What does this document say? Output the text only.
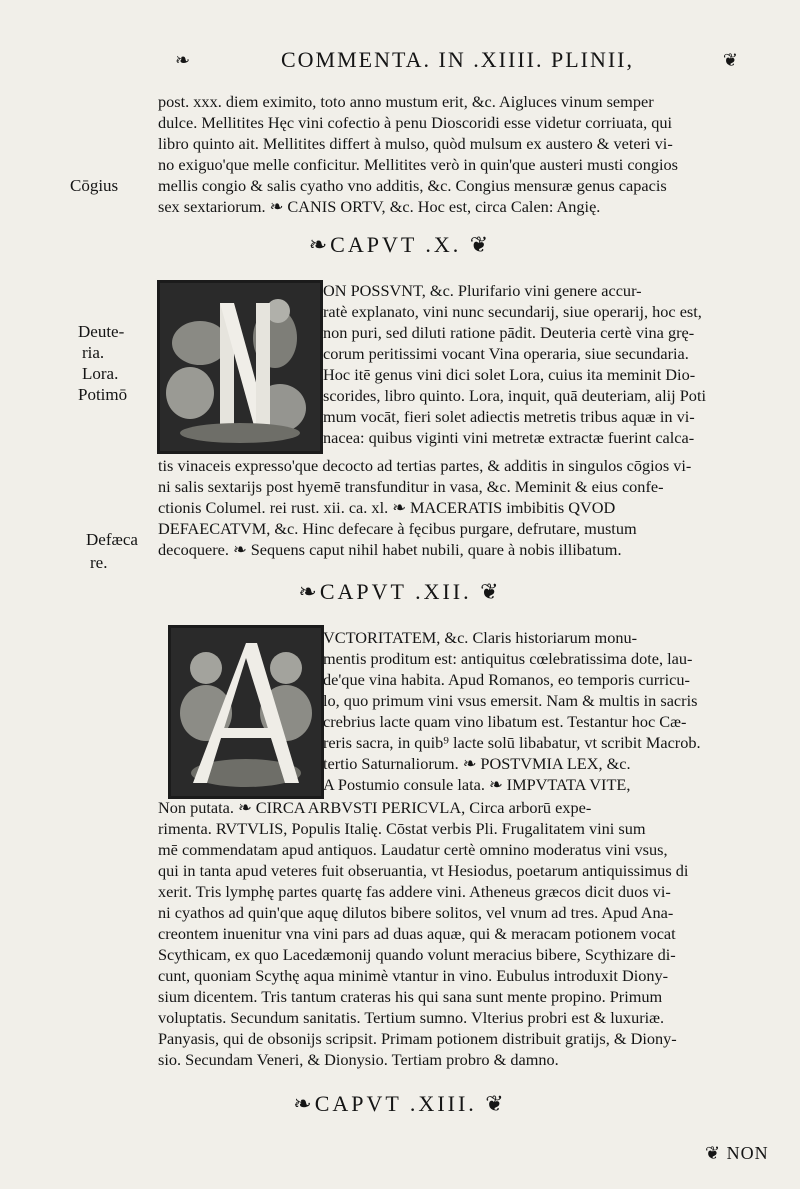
❧	COMMENTA. IN .XIIII. PLINII,	❦
post. xxx. diem eximito, toto anno mustum erit, &c. Aigluces vinum semper
dulce. Mellitites Hęc vini cofectio à penu Dioscoridi esse videtur corriuata, qui
libro quinto ait. Mellitites differt à mulso, quòd mulsum ex austero & veteri vi-
no exiguo'que melle conficitur. Mellitites verò in quin'que austeri musti congios
mellis congio & salis cyatho vno additis, &c. Congius mensuræ genus capacis
sex sextariorum. ❧ CANIS ORTV, &c. Hoc est, circa Calen: Angię.
Cōgius
❧CAPVT .X. ❦
ON POSSVNT, &c. Plurifario vini genere accur-
ratè explanato, vini nunc secundarij, siue operarij, hoc est,
non puri, sed diluti ratione pādit. Deuteria certè vina grę-
corum peritissimi vocant Vina operaria, siue secundaria.
Hoc itē genus vini dici solet Lora, cuius ita meminit Dio-
scorides, libro quinto. Lora, inquit, quā deuteriam, alij Poti
mum vocāt, fieri solet adiectis metretis tribus aquæ in vi-
nacea: quibus viginti vini metretæ extractæ fuerint calca-
tis vinaceis expresso'que decocto ad tertias partes, & additis in singulos cōgios vi-
ni salis sextarijs post hyemē transfunditur in vasa, &c. Meminit & eius confe-
ctionis Columel. rei rust. xii. ca. xl. ❧ MACERATIS imbibitis QVOD
DEFAECATVM, &c. Hinc defecare à fęcibus purgare, defrutare, mustum
decoquere. ❧ Sequens caput nihil habet nubili, quare à nobis illibatum.
Deute-
ria.
Lora.
Potimō
Defæca
re.
❧CAPVT .XII. ❦
VCTORITATEM, &c. Claris historiarum monu-
mentis proditum est: antiquitus cœlebratissima dote, lau-
de'que vina habita. Apud Romanos, eo temporis curricu-
lo, quo primum vini vsus emersit. Nam & multis in sacris
crebrius lacte quam vino libatum est. Testantur hoc Cæ-
reris sacra, in quib⁹ lacte solū libabatur, vt scribit Macrob.
tertio Saturnaliorum. ❧ POSTVMIA LEX, &c.
A Postumio consule lata. ❧ IMPVTATA VITE,
Non putata. ❧ CIRCA ARBVSTI PERICVLA, Circa arborū expe-
rimenta. RVTVLIS, Populis Italię. Cōstat verbis Pli. Frugalitatem vini sum
mē commendatam apud antiquos. Laudatur certè omnino moderatus vini vsus,
qui in tanta apud veteres fuit obseruantia, vt Hesiodus, poetarum antiquissimus di
xerit. Tris lymphę partes quartę fas addere vini. Atheneus græcos dicit duos vi-
ni cyathos ad quin'que aquę dilutos bibere solitos, vel vnum ad tres. Apud Ana-
creontem inuenitur vna vini pars ad duas aquæ, qui & meracam potionem vocat
Scythicam, ex quo Lacedæmonij quando volunt meracius bibere, Scythizare di-
cunt, quoniam Scythę aqua minimè vtantur in vino. Eubulus introduxit Diony-
sium dicentem. Tris tantum crateras his qui sana sunt mente propino. Primum
voluptatis. Secundum sanitatis. Tertium sumno. Vlterius probri est & luxuriæ.
Panyasis, qui de obsonijs scripsit. Primam potionem distribuit gratijs, & Diony-
sio. Secundam Veneri, & Dionysio. Tertiam probro & damno.
❧CAPVT .XIII. ❦
❦ NON
